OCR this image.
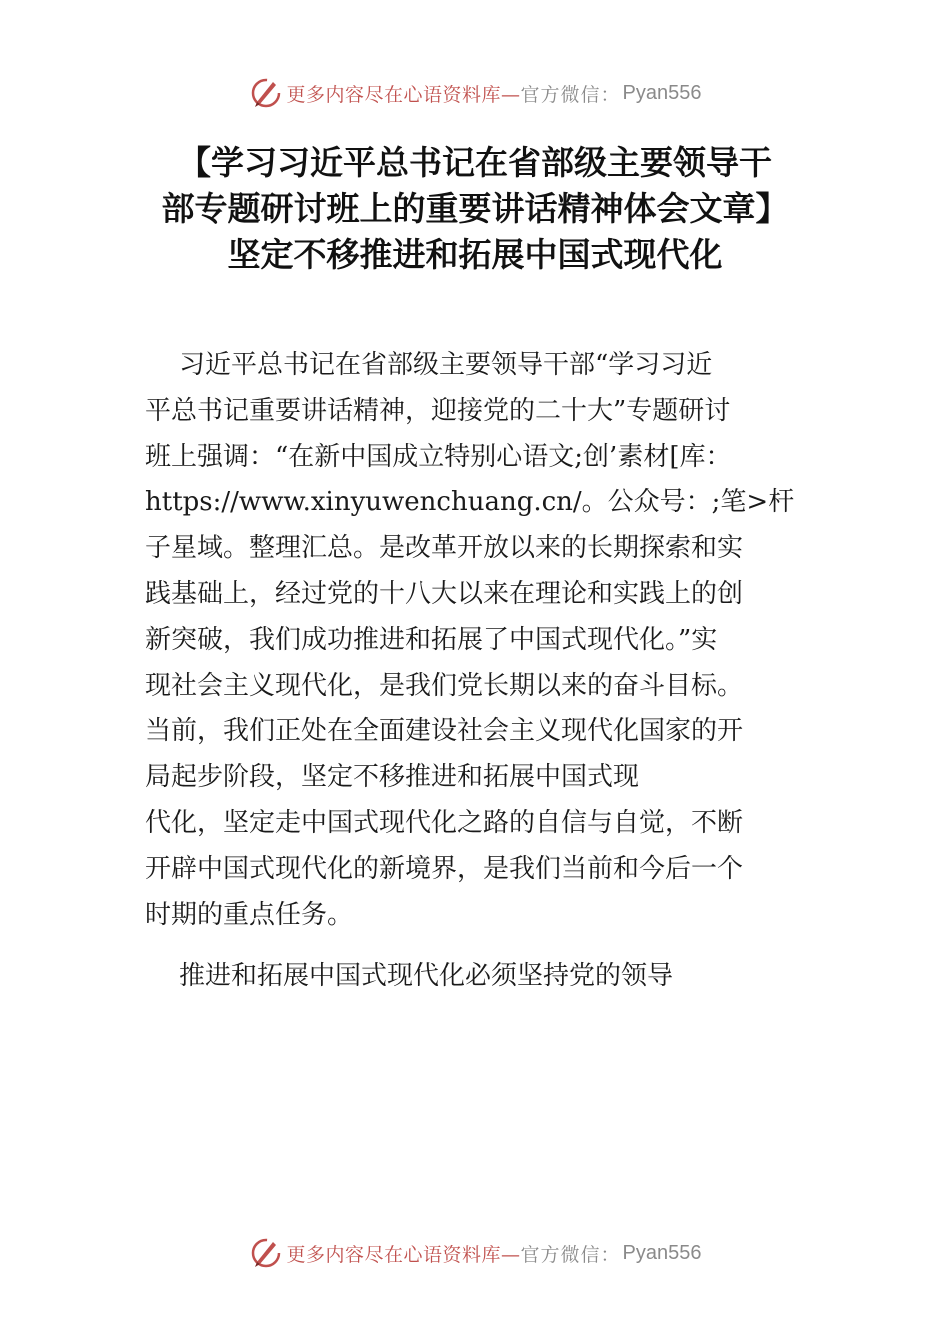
更多内容尽在心语资料库— 官方微信： Pyan556
【学习习近平总书记在省部级主要领导干
部专题研讨班上的重要讲话精神体会文章】
坚定不移推进和拓展中国式现代化
习近平总书记在省部级主要领导干部“学习习近
平总书记重要讲话精神，迎接党的二十大”专题研讨
班上强调：“在新中国成立特别心语文;创’素材[库：
https://www.xinyuwenchuang.cn/。公众号：;笔>杆
子星域。整理汇总。是改革开放以来的长期探索和实
践基础上，经过党的十八大以来在理论和实践上的创
新突破，我们成功推进和拓展了中国式现代化。”实
现社会主义现代化，是我们党长期以来的奋斗目标。
当前，我们正处在全面建设社会主义现代化国家的开
局起步阶段，坚定不移推进和拓展中国式现
代化，坚定走中国式现代化之路的自信与自觉，不断
开辟中国式现代化的新境界，是我们当前和今后一个
时期的重点任务。
推进和拓展中国式现代化必须坚持党的领导
更多内容尽在心语资料库— 官方微信： Pyan556
